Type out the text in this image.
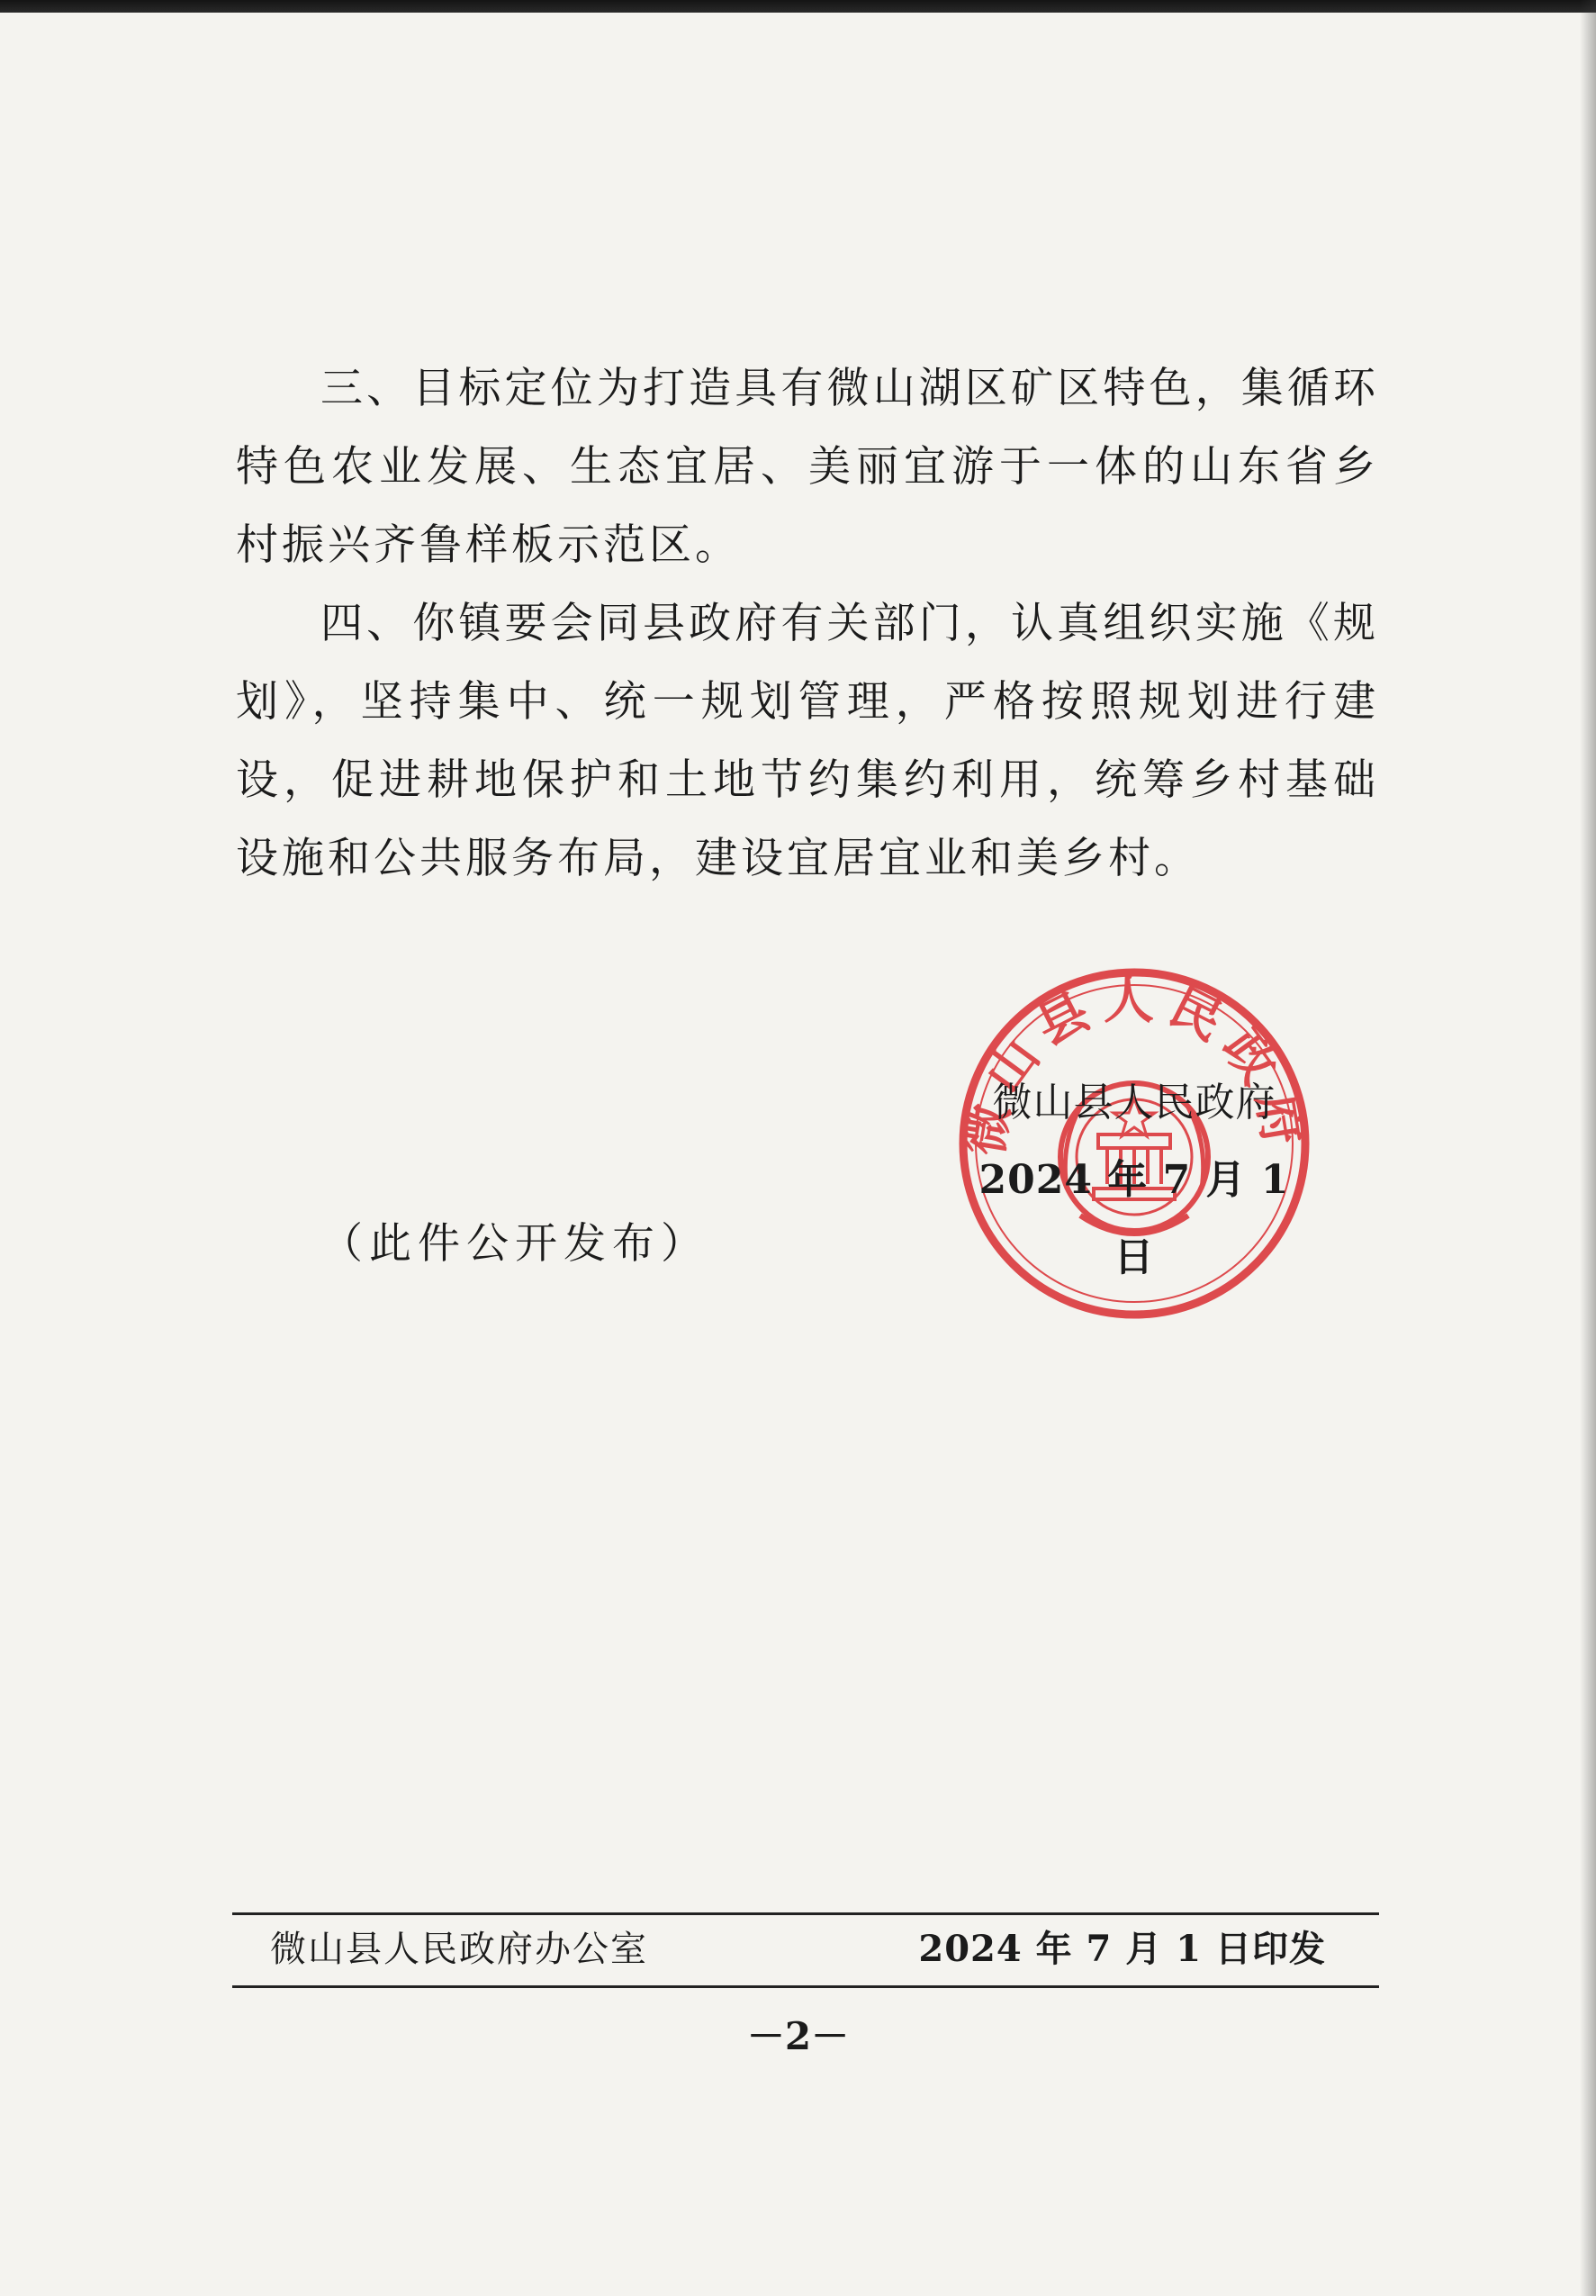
三、目标定位为打造具有微山湖区矿区特色，集循环特色农业发展、生态宜居、美丽宜游于一体的山东省乡村振兴齐鲁样板示范区。

四、你镇要会同县政府有关部门，认真组织实施《规划》，坚持集中、统一规划管理，严格按照规划进行建设，促进耕地保护和土地节约集约利用，统筹乡村基础设施和公共服务布局，建设宜居宜业和美乡村。

（此件公开发布）
微山县人民政府
微山县人民政府
2024 年 7 月 1 日
微山县人民政府办公室	2024 年 7 月 1 日印发
－2－
